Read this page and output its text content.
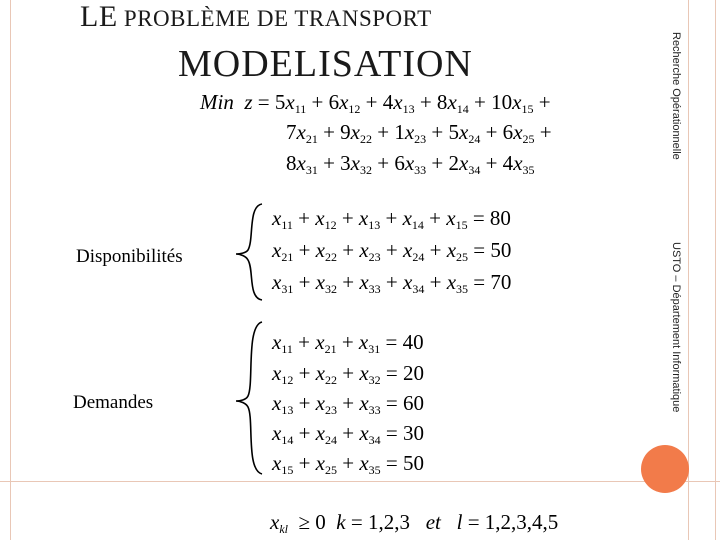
LE PROBLÈME DE TRANSPORT
MODELISATION	Recherche Opérationnelle
USTO – Département Informatique
Min $z = 5x_{11} + 6x_{12} + 4x_{13} + 8x_{14} + 10x_{15}$ +
$7x_{21} + 9x_{22} + 1x_{23} + 5x_{24} + 6x_{25}$ +
$8x_{31} + 3x_{32} + 6x_{33} + 2x_{34} + 4x_{35}$
Disponibilités
$x_{11} + x_{12} + x_{13} + x_{14} + x_{15} = 80$
$x_{21} + x_{22} + x_{23} + x_{24} + x_{25} = 50$
$x_{31} + x_{32} + x_{33} + x_{34} + x_{35} = 70$
Demandes
$x_{11} + x_{21} + x_{31} = 40$
$x_{12} + x_{22} + x_{32} = 20$
$x_{13} + x_{23} + x_{33} = 60$
$x_{14} + x_{24} + x_{34} = 30$
$x_{15} + x_{25} + x_{35} = 50$
$x_{kl} \ge 0$  k = 1,2,3   et l = 1,2,3,4,5
